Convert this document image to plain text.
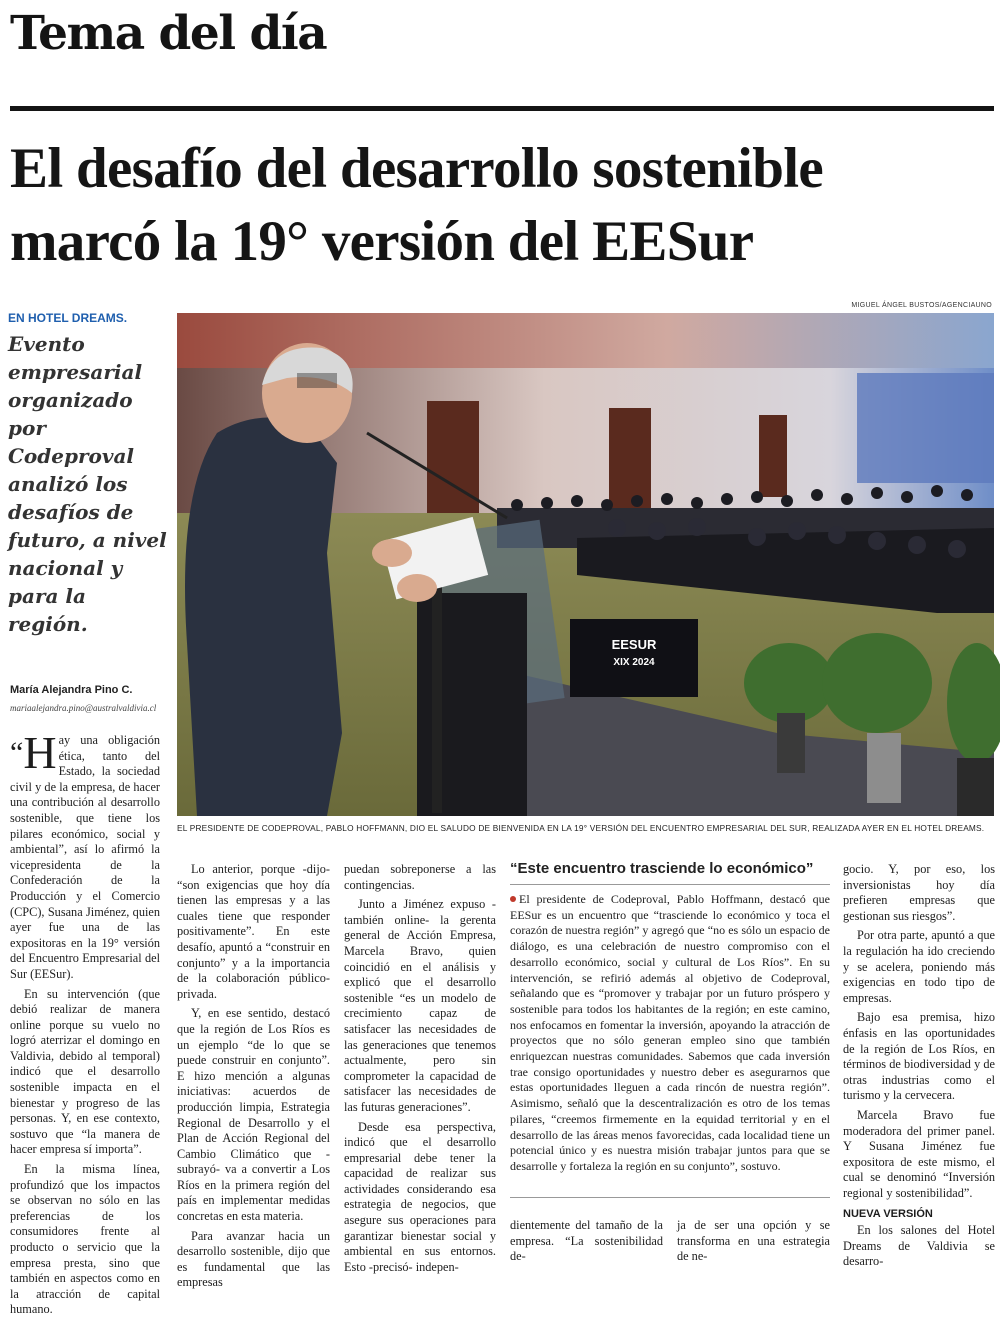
Tema del día
El desafío del desarrollo sostenible
marcó la 19° versión del EESur
EN HOTEL DREAMS.
Evento empresarial organizado por Codeproval analizó los desafíos de futuro, a nivel nacional y para la región.
María Alejandra Pino C.
mariaalejandra.pino@australvaldivia.cl
MIGUEL ÁNGEL BUSTOS/AGENCIAUNO
EESUR
XIX 2024
EL PRESIDENTE DE CODEPROVAL, PABLO HOFFMANN, DIO EL SALUDO DE BIENVENIDA EN LA 19° VERSIÓN DEL ENCUENTRO EMPRESARIAL DEL SUR, REALIZADA AYER EN EL HOTEL DREAMS.

“H ay una obligación ética, tanto del Estado, la sociedad civil y de la empresa, de hacer una contribución al desarrollo sostenible, que tiene los pilares económico, social y ambiental”, así lo afirmó la vicepresidenta de la Confederación de la Producción y el Comercio (CPC), Susana Jiménez, quien ayer fue una de las expositoras en la 19° versión del Encuentro Empresarial del Sur (EESur).

En su intervención (que debió realizar de manera online porque su vuelo no logró aterrizar el domingo en Valdivia, debido al temporal) indicó que el desarrollo sostenible impacta en el bienestar y progreso de las personas. Y, en ese contexto, sostuvo que “la manera de hacer empresa sí importa”.

En la misma línea, profundizó que los impactos se observan no sólo en las preferencias de los consumidores frente al producto o servicio que la empresa presta, sino que también en aspectos como en la atracción de capital humano.

Lo anterior, porque -dijo- “son exigencias que hoy día tienen las empresas y a las cuales tiene que responder positivamente”. En este desafío, apuntó a “construir en conjunto” y a la importancia de la colaboración público-privada.

Y, en ese sentido, destacó que la región de Los Ríos es un ejemplo “de lo que se puede construir en conjunto”. E hizo mención a algunas iniciativas: acuerdos de producción limpia, Estrategia Regional de Desarrollo y el Plan de Acción Regional del Cambio Climático que -subrayó- va a convertir a Los Ríos en la primera región del país en implementar medidas concretas en esta materia.

Para avanzar hacia un desarrollo sostenible, dijo que es fundamental que las empresas

puedan sobreponerse a las contingencias.

Junto a Jiménez expuso -también online- la gerenta general de Acción Empresa, Marcela Bravo, quien coincidió en el análisis y explicó que el desarrollo sostenible “es un modelo de crecimiento capaz de satisfacer las necesidades de las generaciones que tenemos actualmente, pero sin comprometer la capacidad de satisfacer las necesidades de las futuras generaciones”.

Desde esa perspectiva, indicó que el desarrollo empresarial debe tener la capacidad de realizar sus actividades considerando esa estrategia de negocios, que asegure sus operaciones para garantizar bienestar social y ambiental en sus entornos. Esto -precisó- indepen-

“Este encuentro trasciende lo económico”

El presidente de Codeproval, Pablo Hoffmann, destacó que EESur es un encuentro que “trasciende lo económico y toca el corazón de nuestra región” y agregó que “no es sólo un espacio de diálogo, es una celebración de nuestro compromiso con el desarrollo económico, social y cultural de Los Ríos”. En su intervención, se refirió además al objetivo de Codeproval, señalando que es “promover y trabajar por un futuro próspero y sostenible para todos los habitantes de la región; en este camino, nos enfocamos en fomentar la inversión, apoyando la atracción de proyectos que no sólo generan empleo sino que también enriquezcan nuestras comunidades. Sabemos que cada inversión trae consigo oportunidades y nuestro deber es asegurarnos que estas oportunidades lleguen a cada rincón de nuestra región”. Asimismo, señaló que la descentralización es otro de los temas pilares, “creemos firmemente en la equidad territorial y en el desarrollo de las áreas menos favorecidas, cada localidad tiene un potencial único y es nuestra misión trabajar juntos para que se desarrolle y fortaleza la región en su conjunto”, sostuvo.

dientemente del tamaño de la empresa. “La sostenibilidad de-

ja de ser una opción y se transforma en una estrategia de ne-

gocio. Y, por eso, los inversionistas hoy día prefieren empresas que gestionan sus riesgos”.

Por otra parte, apuntó a que la regulación ha ido creciendo y se acelera, poniendo más exigencias en todo tipo de empresas.

Bajo esa premisa, hizo énfasis en las oportunidades de la región de Los Ríos, en términos de biodiversidad y de otras industrias como el turismo y la cervecera.

Marcela Bravo fue moderadora del primer panel. Y Susana Jiménez fue expositora de este mismo, el cual se denominó “Inversión regional y sostenibilidad”.

NUEVA VERSIÓN

En los salones del Hotel Dreams de Valdivia se desarro-
